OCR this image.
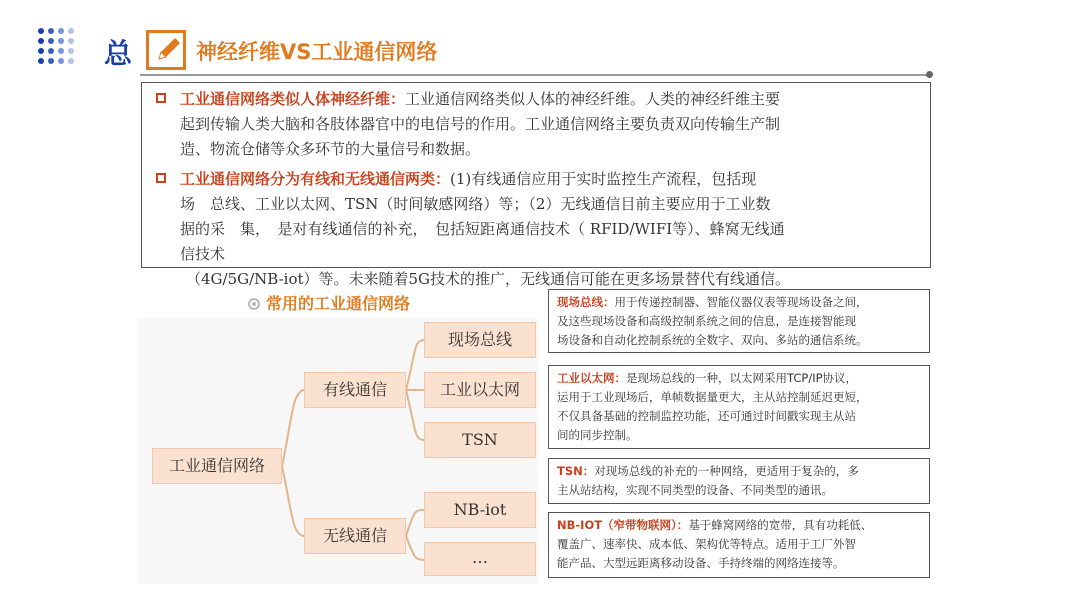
总	神经纤维VS工业通信网络
工业通信网络类似人体神经纤维：工业通信网络类似人体的神经纤维。人类的神经纤维主要
起到传输人类大脑和各肢体器官中的电信号的作用。工业通信网络主要负责双向传输生产制
造、物流仓储等众多环节的大量信号和数据。
工业通信网络分为有线和无线通信两类：(1)有线通信应用于实时监控生产流程，包括现
场　总线、工业以太网、TSN（时间敏感网络）等；（2）无线通信目前主要应用于工业数
据的采　集，　是对有线通信的补充，　包括短距离通信技术（ RFID/WIFI等）、蜂窝无线通
信技术
（4G/5G/NB-iot）等。未来随着5G技术的推广，无线通信可能在更多场景替代有线通信。
常用的工业通信网络
工业通信网络
有线通信
无线通信
现场总线
工业以太网
TSN
NB-iot
…
现场总线：用于传递控制器、智能仪器仪表等现场设备之间，
及这些现场设备和高级控制系统之间的信息，是连接智能现
场设备和自动化控制系统的全数字、双向、多站的通信系统。
工业以太网：是现场总线的一种，以太网采用TCP/IP协议，
运用于工业现场后，单帧数据量更大，主从站控制延迟更短，
不仅具备基础的控制监控功能，还可通过时间戳实现主从站
间的同步控制。
TSN：对现场总线的补充的一种网络，更适用于复杂的，多
主从站结构，实现不同类型的设备、不同类型的通讯。
NB-IOT（窄带物联网）：基于蜂窝网络的宽带，具有功耗低、
覆盖广、速率快、成本低、架构优等特点。适用于工厂外智
能产品、大型远距离移动设备、手持终端的网络连接等。
